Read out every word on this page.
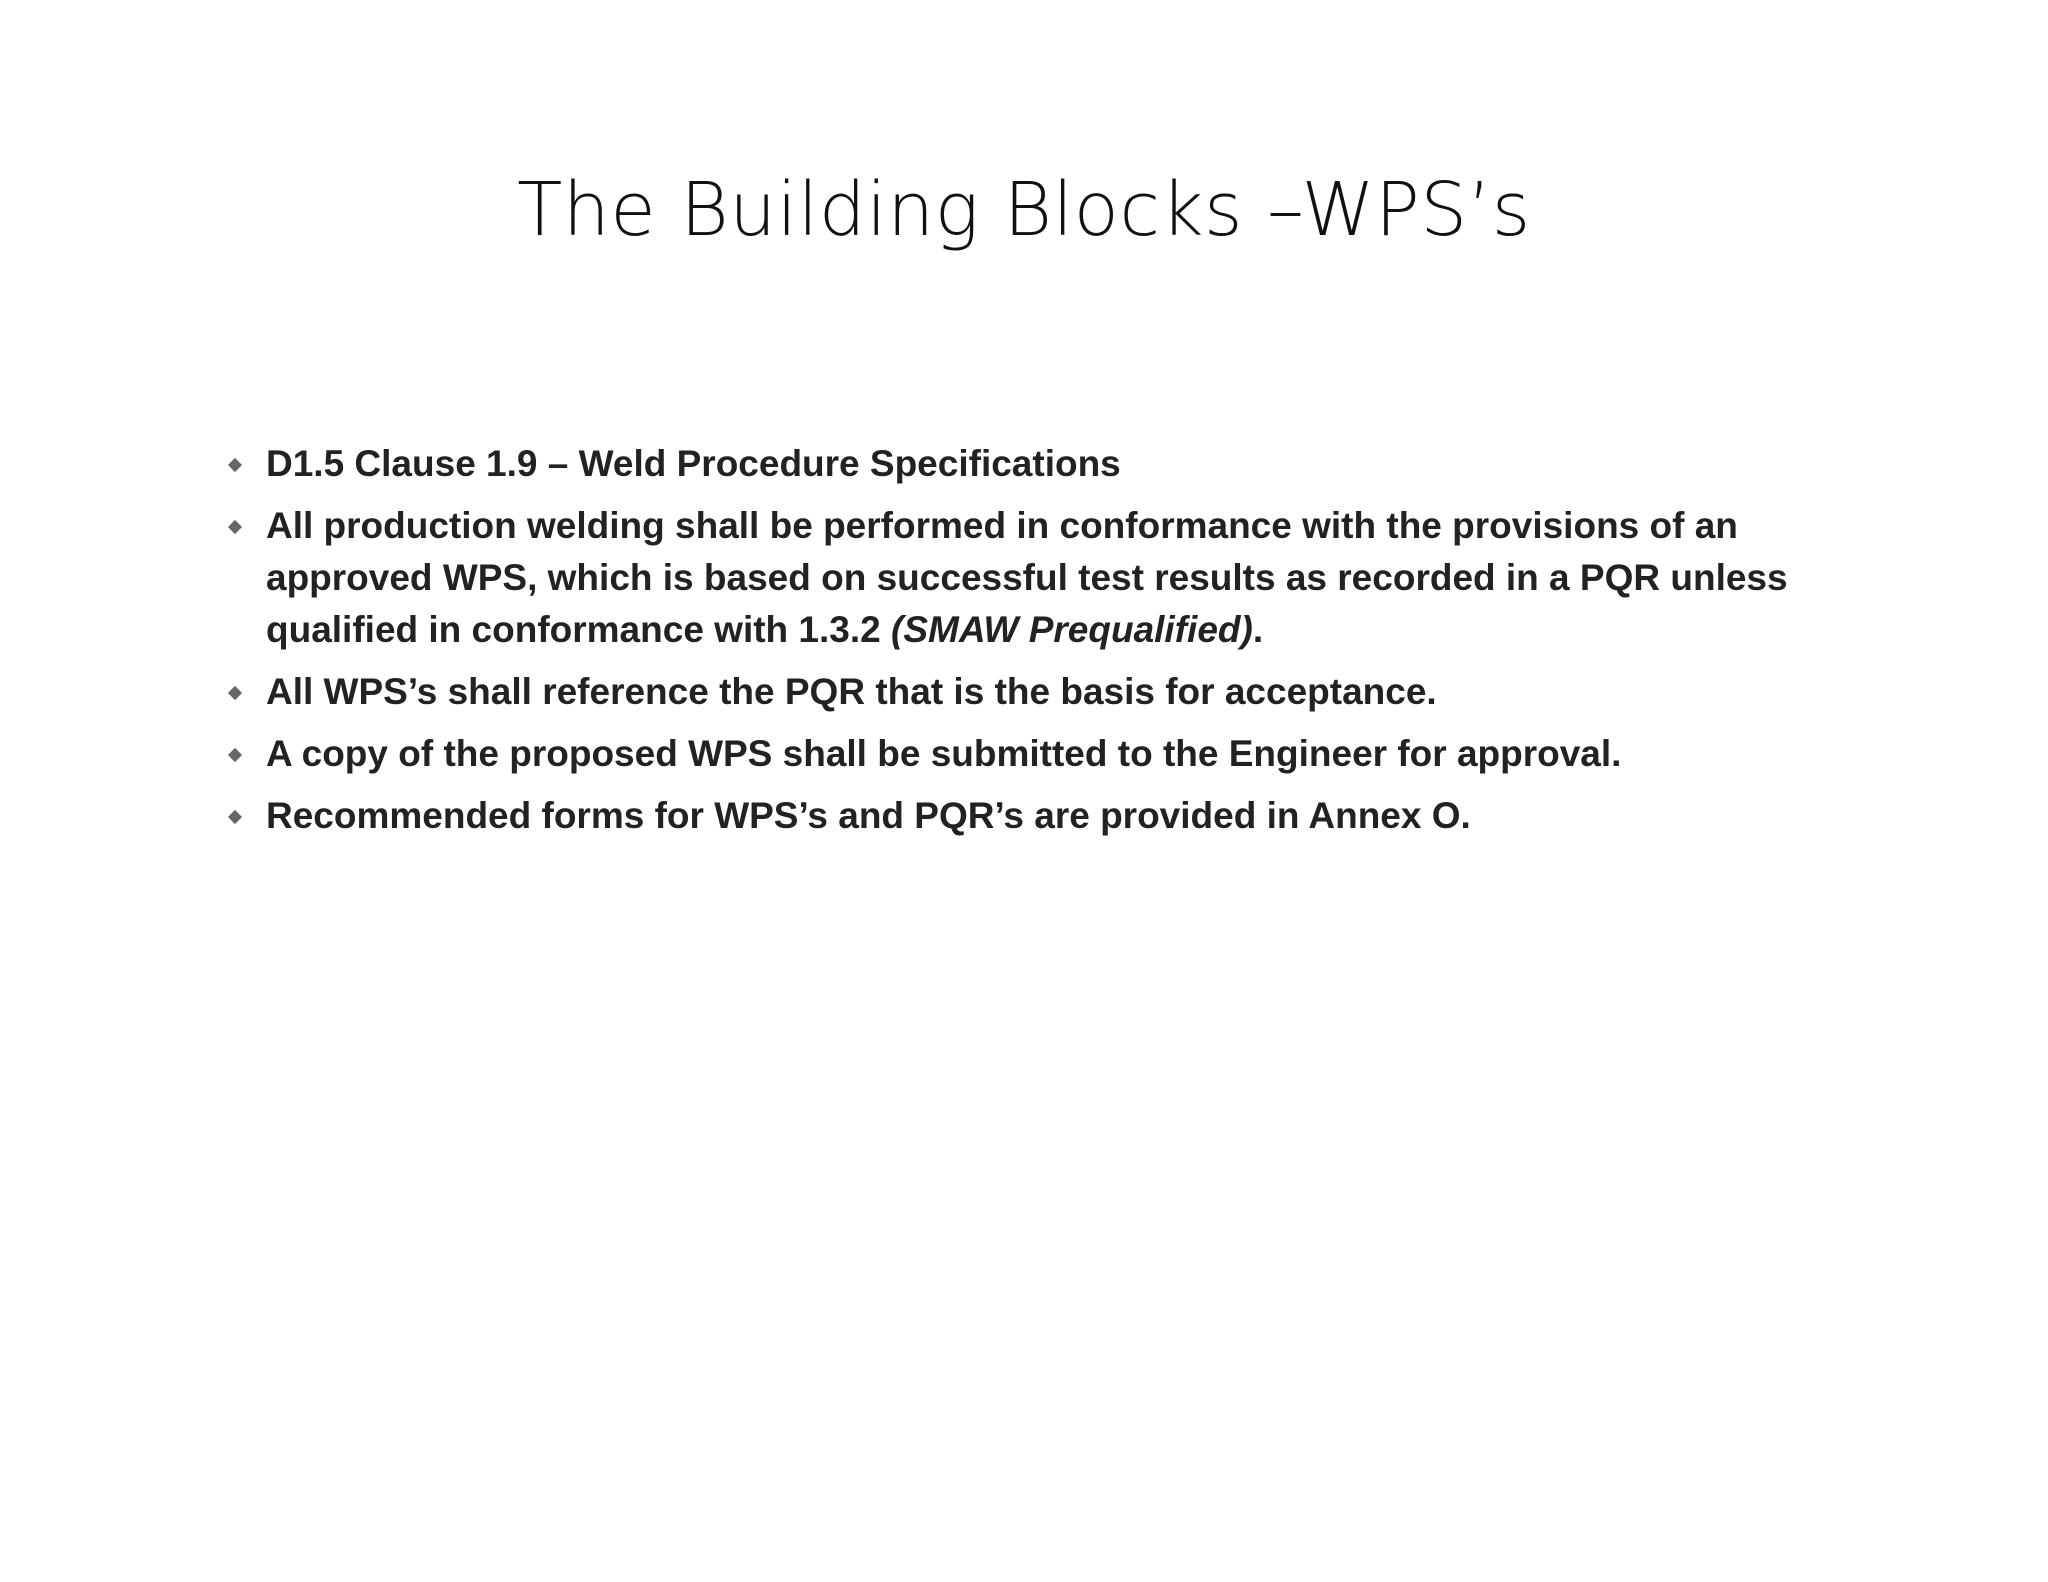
The Building Blocks –WPS’s
D1.5 Clause 1.9 – Weld Procedure Specifications
All production welding shall be performed in conformance with the provisions of an approved WPS, which is based on successful test results as recorded in a PQR unless qualified in conformance with 1.3.2 (SMAW Prequalified).
All WPS’s shall reference the PQR that is the basis for acceptance.
A copy of the proposed WPS shall be submitted to the Engineer for approval.
Recommended forms for WPS’s and PQR’s are provided in Annex O.
